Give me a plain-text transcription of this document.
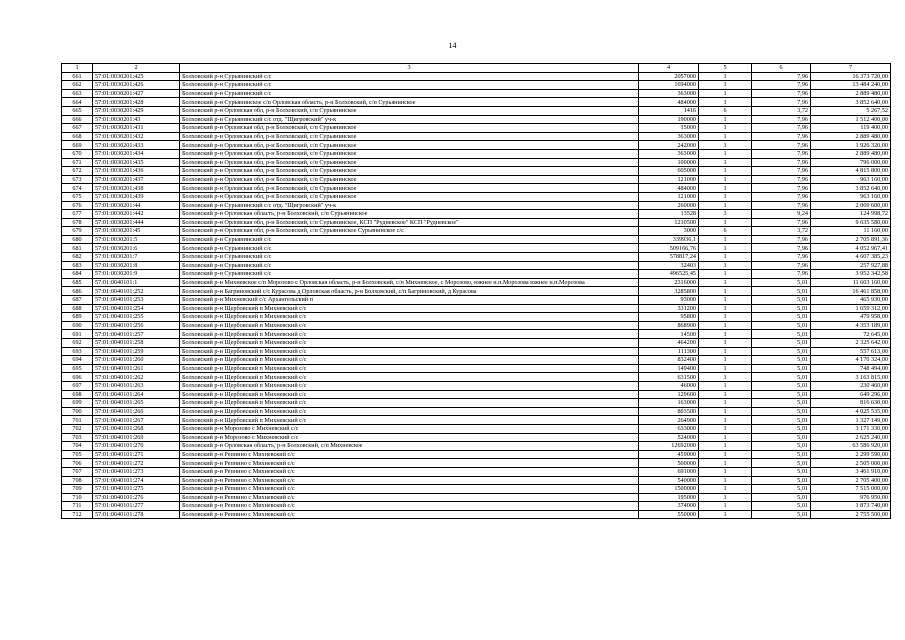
14
1	2	3	4	5	6	7
661	57:01:0030201:425	Болховский р-н Сурьянинский с/с	2057000	1	7,96	16 373 720,00
662	57:01:0030201:426	Болховский р-н Сурьянинский с/с	1694000	1	7,96	13 484 240,00
663	57:01:0030201:427	Болховский р-н Сурьянинский с/с	363000	1	7,96	2 889 480,00
664	57:01:0030201:428	Болховский р-н Сурьянинское с/п Орловская область, р-н Болховский, с/п Сурьянинское	484000	1	7,96	3 852 640,00
665	57:01:0030201:429	Болховский р-н Орловская обл, р-н Болховский, с/п Сурьянинское	1416	6	3,72	5 267,52
666	57:01:0030201:43	Болховский р-н Сурьянинский с/с отд. "Щигровский" уч-к	190000	1	7,96	1 512 400,00
667	57:01:0030201:431	Болховский р-н Орловская обл, р-н Болховский, с/п Сурьянинское	15000	1	7,96	119 400,00
668	57:01:0030201:432	Болховский р-н Орловская обл, р-н Болховский, с/п Сурьянинское	363000	1	7,96	2 889 480,00
669	57:01:0030201:433	Болховский р-н Орловская обл, р-н Болховский, с/п Сурьянинское	242000	1	7,96	1 926 320,00
670	57:01:0030201:434	Болховский р-н Орловская обл, р-н Болховский, с/п Сурьянинское	363000	1	7,96	2 889 480,00
671	57:01:0030201:435	Болховский р-н Орловская обл, р-н Болховский, с/п Сурьянинское	100000	1	7,96	796 000,00
672	57:01:0030201:436	Болховский р-н Орловская обл, р-н Болховский, с/п Сурьянинское	605000	1	7,96	4 815 800,00
673	57:01:0030201:437	Болховский р-н Орловская обл, р-н Болховский, с/п Сурьянинское	121000	1	7,96	963 160,00
674	57:01:0030201:438	Болховский р-н Орловская обл, р-н Болховский, с/п Сурьянинское	484000	1	7,96	3 852 640,00
675	57:01:0030201:439	Болховский р-н Орловская обл, р-н Болховский, с/п Сурьянинское	121000	1	7,96	963 160,00
676	57:01:0030201:44	Болховский р-н Сурьянинский с/с отд. "Щигровский" уч-к	260000	1	7,96	2 069 600,00
677	57:01:0030201:442	Болховский р-н Орловская область, р-н Болховский, с/п Сурьянинское	13528	3	9,24	124 998,72
678	57:01:0030201:444	Болховский р-н Орловская обл, р-н Болховский, с/п Сурьянинское, КСП "Рудневское" КСП "Рудневское"	1210500	1	7,96	9 635 580,00
679	57:01:0030201:45	Болховский р-н Орловская обл, р-н Болховский, с/п Сурьянинское Сурьянинское с/с	3000	6	3,72	11 160,00
680	57:01:0030201:5	Болховский р-н Сурьянинский с/с	339936,1	1	7,96	2 705 891,36
681	57:01:0030201:6	Болховский р-н Сурьянинский с/с	509166,76	1	7,96	4 052 967,41
682	57:01:0030201:7	Болховский р-н Сурьянинский с/с	578817,24	1	7,96	4 607 385,23
683	57:01:0030201:8	Болховский р-н Сурьянинский с/с	32403	1	7,96	257 927,88
684	57:01:0030201:9	Болховский р-н Сурьянинский с/с	496525,45	1	7,96	3 952 342,58
685	57:01:0040101:1	Болховский р-н Михневское с/п Морозово с Орловская область, р-н Болховский, с/п Михневское, с Морозово, южнее н.п.Морозова южнее н.п.Морозова	2316000	1	5,01	11 603 160,00
686	57:01:0040101:252	Болховский р-н Багриновский с/с Курасова д Орловская область, р-н Болховский, с/п Багриновский, д Курасова	3285800	1	5,01	16 461 858,00
687	57:01:0040101:253	Болховский р-н Михневский с/с Архангельский п	93000	1	5,01	465 930,00
688	57:01:0040101:254	Болховский р-н Щербовский п Михневский с/с	331200	1	5,01	1 659 312,00
689	57:01:0040101:255	Болховский р-н Щербовский п Михневский с/с	95800	1	5,01	479 958,00
690	57:01:0040101:256	Болховский р-н Щербовский п Михневский с/с	868900	1	5,01	4 353 189,00
691	57:01:0040101:257	Болховский р-н Щербовский п Михневский с/с	14500	1	5,01	72 645,00
692	57:01:0040101:258	Болховский р-н Щербовский п Михневский с/с	464200	1	5,01	2 325 642,00
693	57:01:0040101:259	Болховский р-н Щербовский п Михневский с/с	111300	1	5,01	557 613,00
694	57:01:0040101:260	Болховский р-н Щербовский п Михневский с/с	832400	1	5,01	4 170 324,00
695	57:01:0040101:261	Болховский р-н Щербовский п Михневский с/с	149400	1	5,01	748 494,00
696	57:01:0040101:262	Болховский р-н Щербовский п Михневский с/с	631500	1	5,01	3 163 815,00
697	57:01:0040101:263	Болховский р-н Щербовский п Михневский с/с	46000	1	5,01	230 460,00
698	57:01:0040101:264	Болховский р-н Щербовский п Михневский с/с	129600	1	5,01	649 296,00
699	57:01:0040101:265	Болховский р-н Щербовский п Михневский с/с	163000	1	5,01	816 630,00
700	57:01:0040101:266	Болховский р-н Щербовский п Михневский с/с	803500	1	5,01	4 025 535,00
701	57:01:0040101:267	Болховский р-н Щербовский п Михневский с/с	264900	1	5,01	1 327 149,00
702	57:01:0040101:268	Болховский р-н Морозово с Михневский с/с	633000	1	5,01	3 171 330,00
703	57:01:0040101:269	Болховский р-н Морозово с Михневский с/с	524000	1	5,01	2 625 240,00
704	57:01:0040101:270	Болховский р-н Орловская область, р-н Болховский, с/п Михневское	12692000	1	5,01	63 586 920,00
705	57:01:0040101:271	Болховский р-н Репнино с Михневский с/с	459000	1	5,01	2 299 590,00
706	57:01:0040101:272	Болховский р-н Репнино с Михневский с/с	500000	1	5,01	2 505 000,00
707	57:01:0040101:273	Болховский р-н Репнино с Михневский с/с	691000	1	5,01	3 461 910,00
708	57:01:0040101:274	Болховский р-н Репнино с Михневский с/с	540000	1	5,01	2 705 400,00
709	57:01:0040101:275	Болховский р-н Репнино с Михневский с/с	1500000	1	5,01	7 515 000,00
710	57:01:0040101:276	Болховский р-н Репнино с Михневский с/с	195000	1	5,01	976 950,00
711	57:01:0040101:277	Болховский р-н Репнино с Михневский с/с	374000	1	5,01	1 873 740,00
712	57:01:0040101:278	Болховский р-н Репнино с Михневский с/с	550000	1	5,01	2 755 500,00
